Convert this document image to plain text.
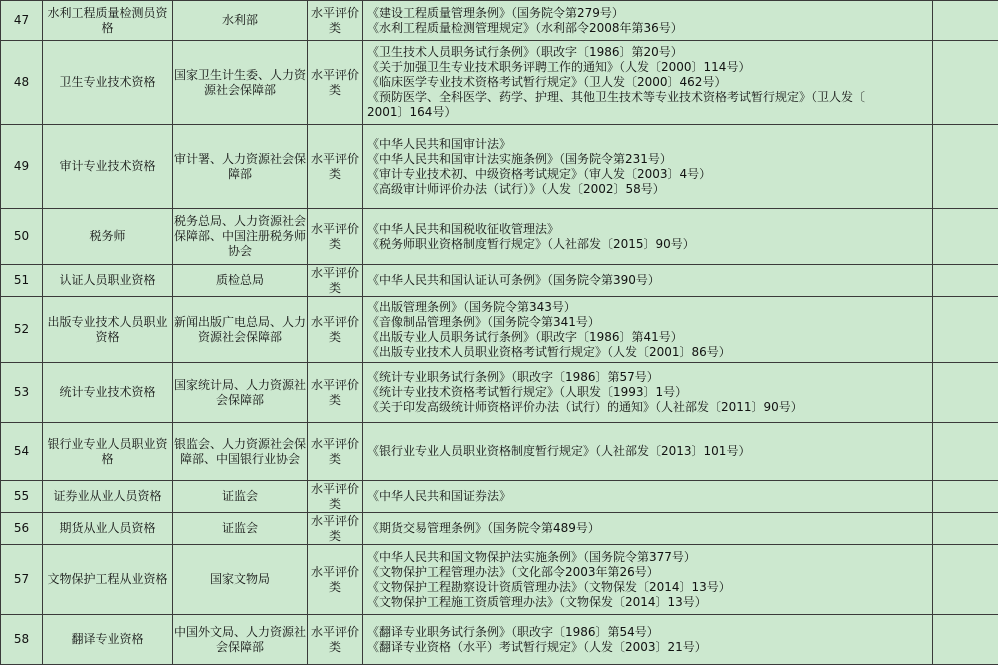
47	水利工程质量检测员资格	水利部	水平评价类	《建设工程质量管理条例》（国务院令第279号）
《水利工程质量检测管理规定》（水利部令2008年第36号）	

48	卫生专业技术资格	国家卫生计生委、人力资源社会保障部	水平评价类	《卫生技术人员职务试行条例》（职改字〔1986〕第20号）
《关于加强卫生专业技术职务评聘工作的通知》（人发〔2000〕114号）
《临床医学专业技术资格考试暂行规定》（卫人发〔2000〕462号）
《预防医学、全科医学、药学、护理、其他卫生技术等专业技术资格考试暂行规定》（卫人发〔
2001〕164号）	

49	审计专业技术资格	审计署、人力资源社会保障部	水平评价类	《中华人民共和国审计法》
《中华人民共和国审计法实施条例》（国务院令第231号）
《审计专业技术初、中级资格考试规定》（审人发〔2003〕4号）
《高级审计师评价办法（试行）》（人发〔2002〕58号）	

50	税务师	税务总局、人力资源社会保障部、中国注册税务师协会	水平评价类	《中华人民共和国税收征收管理法》
《税务师职业资格制度暂行规定》（人社部发〔2015〕90号）	

51	认证人员职业资格	质检总局	水平评价类	《中华人民共和国认证认可条例》（国务院令第390号）	

52	出版专业技术人员职业资格	新闻出版广电总局、人力资源社会保障部	水平评价类	《出版管理条例》（国务院令第343号）
《音像制品管理条例》（国务院令第341号）
《出版专业人员职务试行条例》（职改字〔1986〕第41号）
《出版专业技术人员职业资格考试暂行规定》（人发〔2001〕86号）	

53	统计专业技术资格	国家统计局、人力资源社会保障部	水平评价类	《统计专业职务试行条例》（职改字〔1986〕第57号）
《统计专业技术资格考试暂行规定》（人职发〔1993〕1号）
《关于印发高级统计师资格评价办法（试行）的通知》（人社部发〔2011〕90号）	

54	银行业专业人员职业资格	银监会、人力资源社会保障部、中国银行业协会	水平评价类	《银行业专业人员职业资格制度暂行规定》（人社部发〔2013〕101号）	

55	证券业从业人员资格	证监会	水平评价类	《中华人民共和国证券法》	

56	期货从业人员资格	证监会	水平评价类	《期货交易管理条例》（国务院令第489号）	

57	文物保护工程从业资格	国家文物局	水平评价类	《中华人民共和国文物保护法实施条例》（国务院令第377号）
《文物保护工程管理办法》（文化部令2003年第26号）
《文物保护工程勘察设计资质管理办法》（文物保发〔2014〕13号）
《文物保护工程施工资质管理办法》（文物保发〔2014〕13号）	

58	翻译专业资格	中国外文局、人力资源社会保障部	水平评价类	《翻译专业职务试行条例》（职改字〔1986〕第54号）
《翻译专业资格（水平）考试暂行规定》（人发〔2003〕21号）	
